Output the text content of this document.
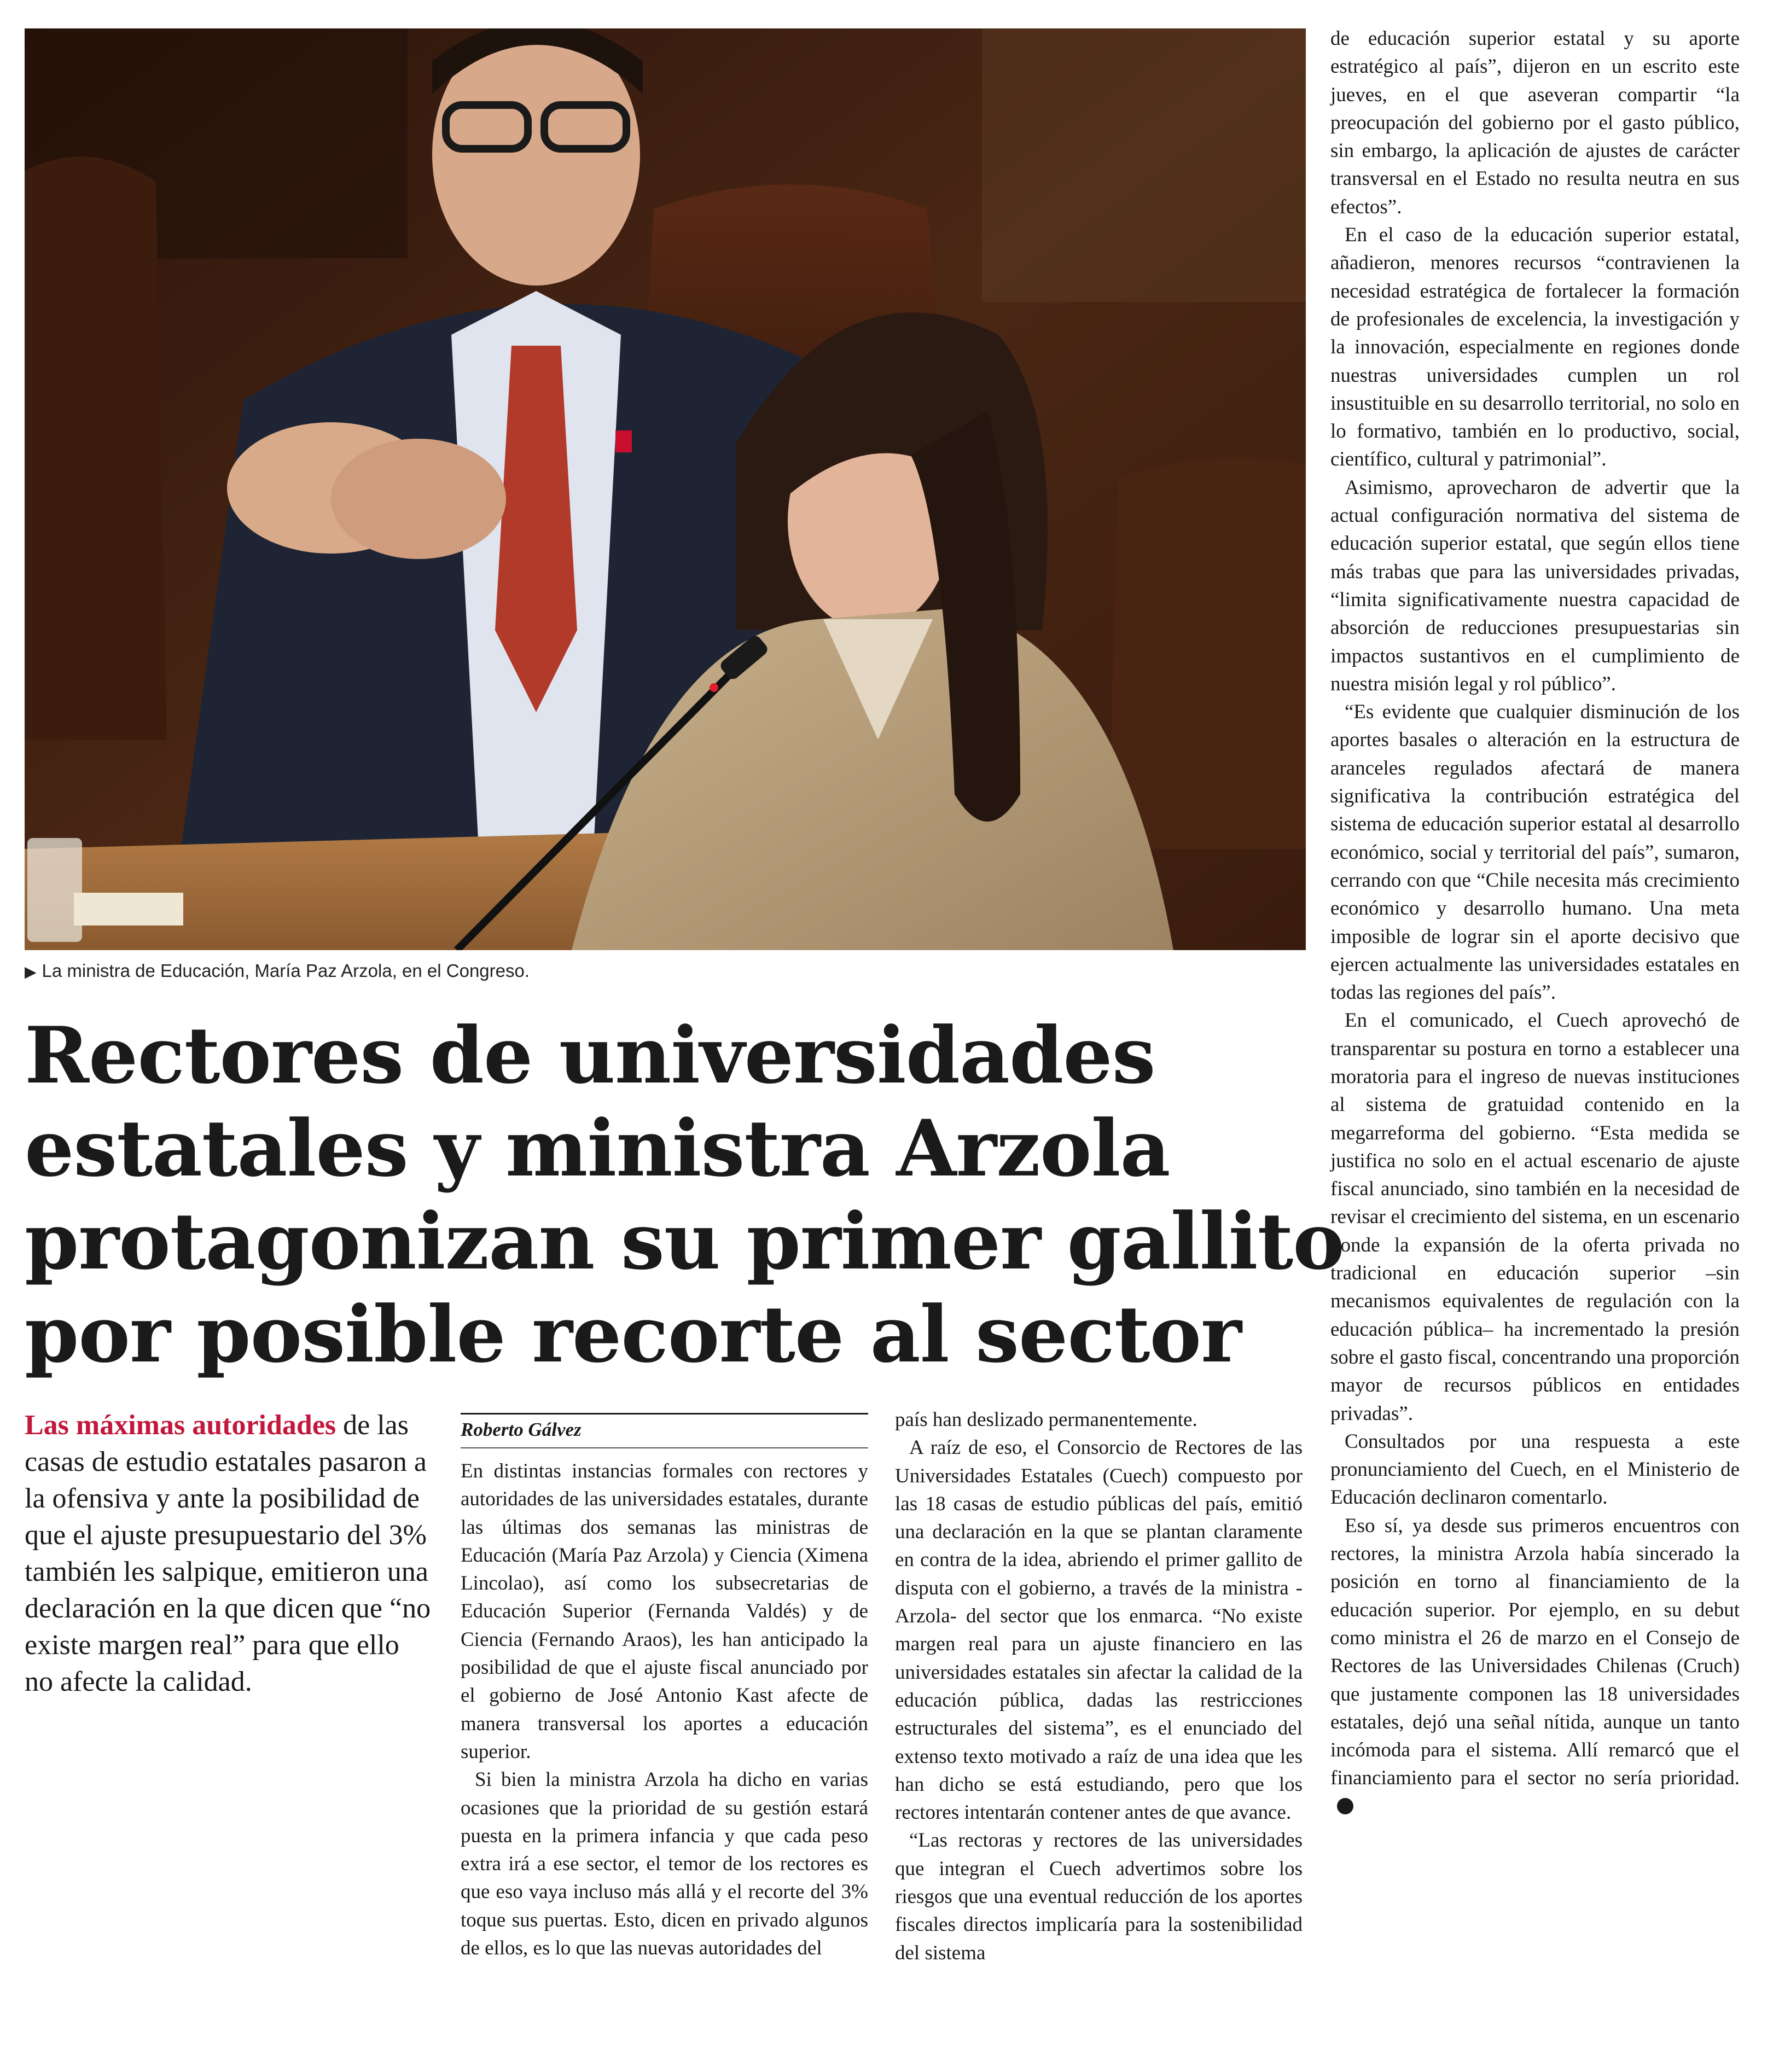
▶ La ministra de Educación, María Paz Arzola, en el Congreso.
Rectores de universidades
estatales y ministra Arzola
protagonizan su primer gallito
por posible recorte al sector
Las máximas autoridades de las casas de estudio estatales pasaron a la ofensiva y ante la posibilidad de que el ajuste presupuestario del 3% también les salpique, emitieron una declaración en la que dicen que “no existe margen real” para que ello no afecte la calidad.
Roberto Gálvez

En distintas instancias formales con rectores y autoridades de las universidades estatales, durante las últimas dos semanas las ministras de Educación (María Paz Arzola) y Ciencia (Ximena Lincolao), así como los subsecretarias de Educación Superior (Fernanda Valdés) y de Ciencia (Fernando Araos), les han anticipado la posibilidad de que el ajuste fiscal anunciado por el gobierno de José Antonio Kast afecte de manera transversal los aportes a educación superior.

Si bien la ministra Arzola ha dicho en varias ocasiones que la prioridad de su gestión estará puesta en la primera infancia y que cada peso extra irá a ese sector, el temor de los rectores es que eso vaya incluso más allá y el recorte del 3% toque sus puertas. Esto, dicen en privado algunos de ellos, es lo que las nuevas autoridades del

país han deslizado permanentemente.

A raíz de eso, el Consorcio de Rectores de las Universidades Estatales (Cuech) compuesto por las 18 casas de estudio públicas del país, emitió una declaración en la que se plantan claramente en contra de la idea, abriendo el primer gallito de disputa con el gobierno, a través de la ministra -Arzola- del sector que los enmarca. “No existe margen real para un ajuste financiero en las universidades estatales sin afectar la calidad de la educación pública, dadas las restricciones estructurales del sistema”, es el enunciado del extenso texto motivado a raíz de una idea que les han dicho se está estudiando, pero que los rectores intentarán contener antes de que avance.

“Las rectoras y rectores de las universidades que integran el Cuech advertimos sobre los riesgos que una eventual reducción de los aportes fiscales directos implicaría para la sostenibilidad del sistema

de educación superior estatal y su aporte estratégico al país”, dijeron en un escrito este jueves, en el que aseveran compartir “la preocupación del gobierno por el gasto público, sin embargo, la aplicación de ajustes de carácter transversal en el Estado no resulta neutra en sus efectos”.

En el caso de la educación superior estatal, añadieron, menores recursos “contravienen la necesidad estratégica de fortalecer la formación de profesionales de excelencia, la investigación y la innovación, especialmente en regiones donde nuestras universidades cumplen un rol insustituible en su desarrollo territorial, no solo en lo formativo, también en lo productivo, social, científico, cultural y patrimonial”.

Asimismo, aprovecharon de advertir que la actual configuración normativa del sistema de educación superior estatal, que según ellos tiene más trabas que para las universidades privadas, “limita significativamente nuestra capacidad de absorción de reducciones presupuestarias sin impactos sustantivos en el cumplimiento de nuestra misión legal y rol público”.

“Es evidente que cualquier disminución de los aportes basales o alteración en la estructura de aranceles regulados afectará de manera significativa la contribución estratégica del sistema de educación superior estatal al desarrollo económico, social y territorial del país”, sumaron, cerrando con que “Chile necesita más crecimiento económico y desarrollo humano. Una meta imposible de lograr sin el aporte decisivo que ejercen actualmente las universidades estatales en todas las regiones del país”.

En el comunicado, el Cuech aprovechó de transparentar su postura en torno a establecer una moratoria para el ingreso de nuevas instituciones al sistema de gratuidad contenido en la megarreforma del gobierno. “Esta medida se justifica no solo en el actual escenario de ajuste fiscal anunciado, sino también en la necesidad de revisar el crecimiento del sistema, en un escenario donde la expansión de la oferta privada no tradicional en educación superior –sin mecanismos equivalentes de regulación con la educación pública– ha incrementado la presión sobre el gasto fiscal, concentrando una proporción mayor de recursos públicos en entidades privadas”.

Consultados por una respuesta a este pronunciamiento del Cuech, en el Ministerio de Educación declinaron comentarlo.

Eso sí, ya desde sus primeros encuentros con rectores, la ministra Arzola había sincerado la posición en torno al financiamiento de la educación superior. Por ejemplo, en su debut como ministra el 26 de marzo en el Consejo de Rectores de las Universidades Chilenas (Cruch) que justamente componen las 18 universidades estatales, dejó una señal nítida, aunque un tanto incómoda para el sistema. Allí remarcó que el financiamiento para el sector no sería prioridad.
